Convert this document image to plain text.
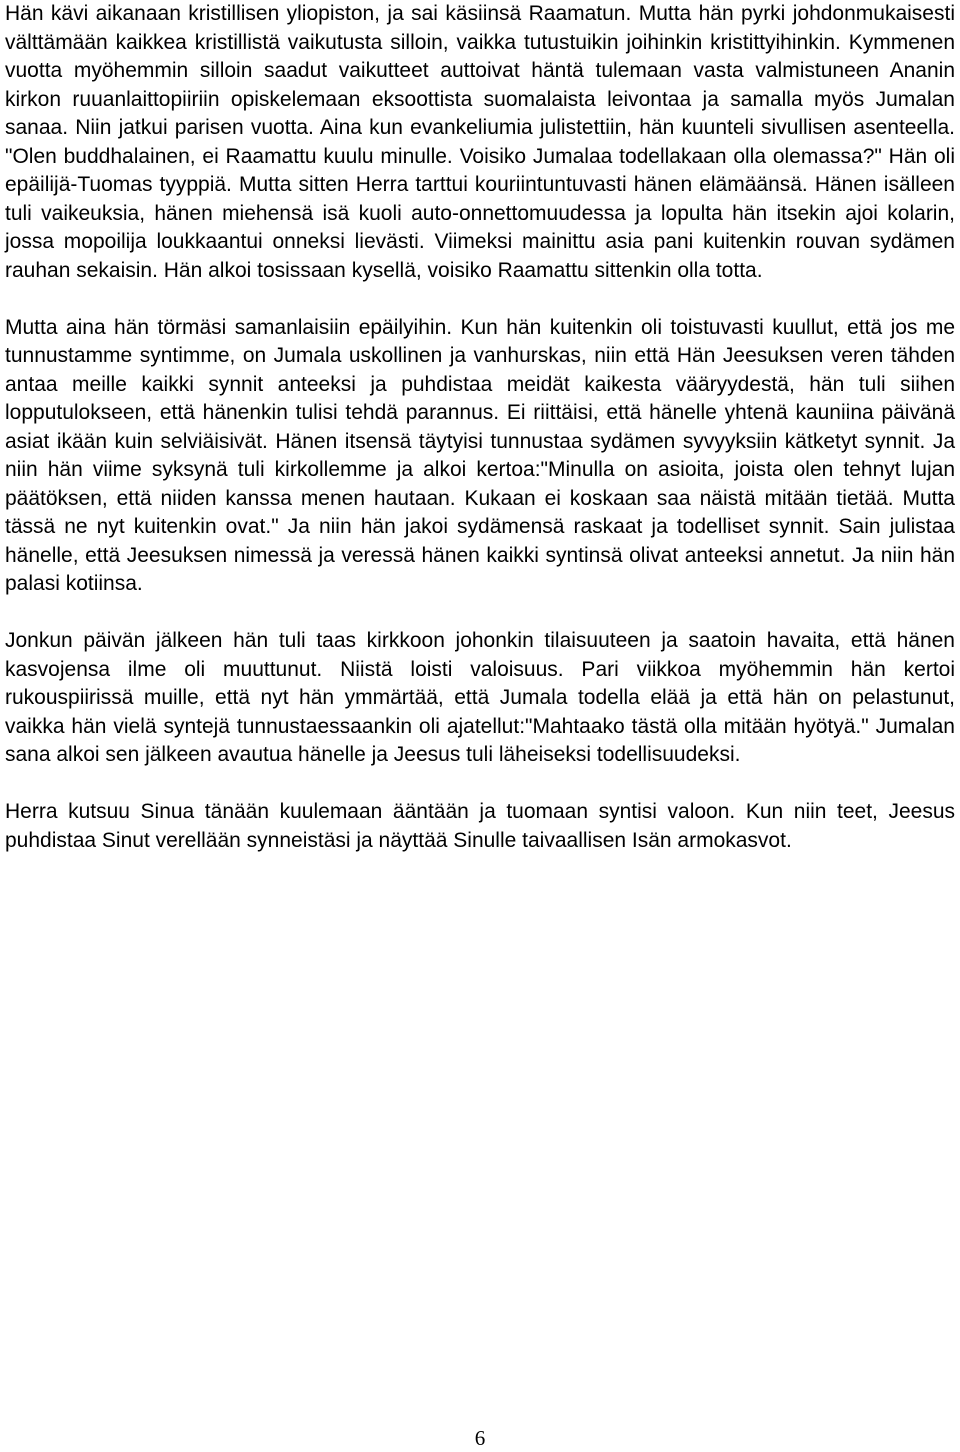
Hän kävi aikanaan kristillisen yliopiston, ja sai käsiinsä Raamatun. Mutta hän pyrki johdonmukaisesti välttämään kaikkea kristillistä vaikutusta silloin, vaikka tutustuikin joihinkin kristittyihinkin. Kymmenen vuotta myöhemmin silloin saadut vaikutteet auttoivat häntä tulemaan vasta valmistuneen Ananin kirkon ruuanlaittopiiriin opiskelemaan eksoottista suomalaista leivontaa ja samalla myös Jumalan sanaa. Niin jatkui parisen vuotta. Aina kun evankeliumia julistettiin, hän kuunteli sivullisen asenteella. "Olen buddhalainen, ei Raamattu kuulu minulle. Voisiko Jumalaa todellakaan olla olemassa?" Hän oli epäilijä-Tuomas tyyppiä. Mutta sitten Herra tarttui kouriintuntuvasti hänen elämäänsä. Hänen isälleen tuli vaikeuksia, hänen miehensä isä kuoli auto-onnettomuudessa ja lopulta hän itsekin ajoi kolarin, jossa mopoilija loukkaantui onneksi lievästi. Viimeksi mainittu asia pani kuitenkin rouvan sydämen rauhan sekaisin. Hän alkoi tosissaan kysellä, voisiko Raamattu sittenkin olla totta.

Mutta aina hän törmäsi samanlaisiin epäilyihin. Kun hän kuitenkin oli toistuvasti kuullut, että jos me tunnustamme syntimme, on Jumala uskollinen ja vanhurskas, niin että Hän Jeesuksen veren tähden antaa meille kaikki synnit anteeksi ja puhdistaa meidät kaikesta vääryydestä, hän tuli siihen lopputulokseen, että hänenkin tulisi tehdä parannus. Ei riittäisi, että hänelle yhtenä kauniina päivänä asiat ikään kuin selviäisivät. Hänen itsensä täytyisi tunnustaa sydämen syvyyksiin kätketyt synnit. Ja niin hän viime syksynä tuli kirkollemme ja alkoi kertoa:"Minulla on asioita, joista olen tehnyt lujan päätöksen, että niiden kanssa menen hautaan. Kukaan ei koskaan saa näistä mitään tietää. Mutta tässä ne nyt kuitenkin ovat." Ja niin hän jakoi sydämensä raskaat ja todelliset synnit. Sain julistaa hänelle, että Jeesuksen nimessä ja veressä hänen kaikki syntinsä olivat anteeksi annetut. Ja niin hän palasi kotiinsa.

Jonkun päivän jälkeen hän tuli taas kirkkoon johonkin tilaisuuteen ja saatoin havaita, että hänen kasvojensa ilme oli muuttunut. Niistä loisti valoisuus. Pari viikkoa myöhemmin hän kertoi rukouspiirissä muille, että nyt hän ymmärtää, että Jumala todella elää ja että hän on pelastunut, vaikka hän vielä syntejä tunnustaessaankin oli ajatellut:"Mahtaako tästä olla mitään hyötyä." Jumalan sana alkoi sen jälkeen avautua hänelle ja Jeesus tuli läheiseksi todellisuudeksi.

Herra kutsuu Sinua tänään kuulemaan ääntään ja tuomaan syntisi valoon. Kun niin teet, Jeesus puhdistaa Sinut verellään synneistäsi ja näyttää Sinulle taivaallisen Isän armokasvot.

6
